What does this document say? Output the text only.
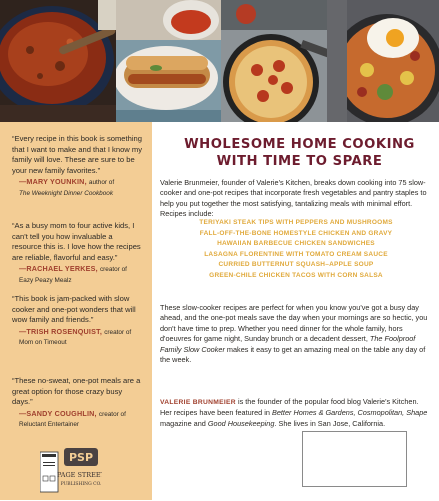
“Every recipe in this book is something that I want to make and that I know my family will love. These are sure to be your new family favorites.”
—MARY YOUNKIN, author of
The Weeknight Dinner Cookbook
“As a busy mom to four active kids, I can't tell you how invaluable a resource this is. I love how the recipes are reliable, flavorful and easy.”
—RACHAEL YERKES, creator of
Eazy Peazy Mealz
“This book is jam-packed with slow cooker and one-pot wonders that will wow family and friends.”
—TRISH ROSENQUIST, creator of
Mom on Timeout
“These no-sweat, one-pot meals are a great option for those crazy busy days.”
—SANDY COUGHLIN, creator of
Reluctant Entertainer
PSP
PAGE STREET
PUBLISHING CO.
WHOLESOME HOME COOKING
WITH TIME TO SPARE
Valerie Brunmeier, founder of Valerie's Kitchen, breaks down cooking into 75 slow-cooker and one-pot recipes that incorporate fresh vegetables and pantry staples to help you put together the most satisfying, tantalizing meals with minimal effort. Recipes include:
TERIYAKI STEAK TIPS WITH PEPPERS AND MUSHROOMS
FALL-OFF-THE-BONE HOMESTYLE CHICKEN AND GRAVY
HAWAIIAN BARBECUE CHICKEN SANDWICHES
LASAGNA FLORENTINE WITH TOMATO CREAM SAUCE
CURRIED BUTTERNUT SQUASH–APPLE SOUP
GREEN-CHILE CHICKEN TACOS WITH CORN SALSA
These slow-cooker recipes are perfect for when you know you've got a busy day ahead, and the one-pot meals save the day when your mornings are so hectic, you don't have time to prep. Whether you need dinner for the whole family, hors d'oeuvres for game night, Sunday brunch or a decadent dessert, The Foolproof Family Slow Cooker makes it easy to get an amazing meal on the table any day of the week.
VALERIE BRUNMEIER is the founder of the popular food blog Valerie's Kitchen. Her recipes have been featured in Better Homes & Gardens, Cosmopolitan, Shape magazine and Good Housekeeping. She lives in San Jose, California.
